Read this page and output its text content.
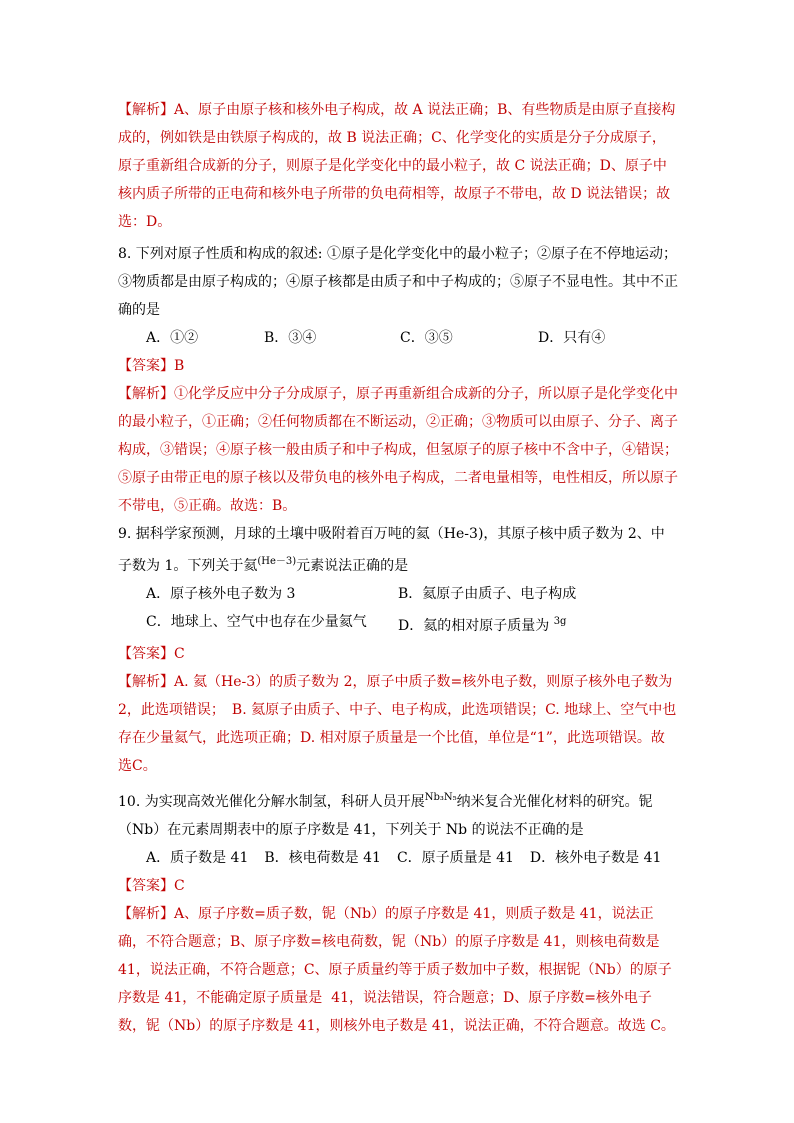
【解析】A、原子由原子核和核外电子构成，故 A 说法正确；B、有些物质是由原子直接构成的，例如铁是由铁原子构成的，故 B 说法正确；C、化学变化的实质是分子分成原子，原子重新组合成新的分子，则原子是化学变化中的最小粒子，故 C 说法正确；D、原子中核内质子所带的正电荷和核外电子所带的负电荷相等，故原子不带电，故 D 说法错误；故选：D。

8. 下列对原子性质和构成的叙述: ①原子是化学变化中的最小粒子；②原子在不停地运动；③物质都是由原子构成的；④原子核都是由质子和中子构成的；⑤原子不显电性。其中不正确的是

A．①②	B．③④	C．③⑤	D．只有④

【答案】B

【解析】①化学反应中分子分成原子，原子再重新组合成新的分子，所以原子是化学变化中的最小粒子，①正确；②任何物质都在不断运动，②正确；③物质可以由原子、分子、离子构成，③错误；④原子核一般由质子和中子构成，但氢原子的原子核中不含中子，④错误；⑤原子由带正电的原子核以及带负电的核外电子构成，二者电量相等，电性相反，所以原子不带电，⑤正确。故选：B。

9. 据科学家预测，月球的土壤中吸附着百万吨的氦（He-3)，其原子核中质子数为 2、中子数为 1。下列关于氦$^{(He-3)}$元素说法正确的是

A．原子核外电子数为 3	B．氦原子由质子、电子构成
C．地球上、空气中也存在少量氦气	D．氦的相对原子质量为 $^{3g}$

【答案】C

【解析】A. 氦（He-3）的质子数为 2，原子中质子数=核外电子数，则原子核外电子数为 2，此选项错误；　B. 氦原子由质子、中子、电子构成，此选项错误；C. 地球上、空气中也存在少量氦气，此选项正确；D. 相对原子质量是一个比值，单位是“1”，此选项错误。故选C。

10. 为实现高效光催化分解水制氢，科研人员开展$^{Nb_3N_5}$纳米复合光催化材料的研究。铌（Nb）在元素周期表中的原子序数是 41，下列关于 Nb 的说法不正确的是

A．质子数是 41 B．核电荷数是 41 C．原子质量是 41 D．核外电子数是 41

【答案】C

【解析】A、原子序数=质子数，铌（Nb）的原子序数是 41，则质子数是 41，说法正确，不符合题意；B、原子序数=核电荷数，铌（Nb）的原子序数是 41，则核电荷数是 41，说法正确，不符合题意；C、原子质量约等于质子数加中子数，根据铌（Nb）的原子序数是 41，不能确定原子质量是  41，说法错误，符合题意；D、原子序数=核外电子数，铌（Nb）的原子序数是 41，则核外电子数是 41，说法正确，不符合题意。故选 C。
